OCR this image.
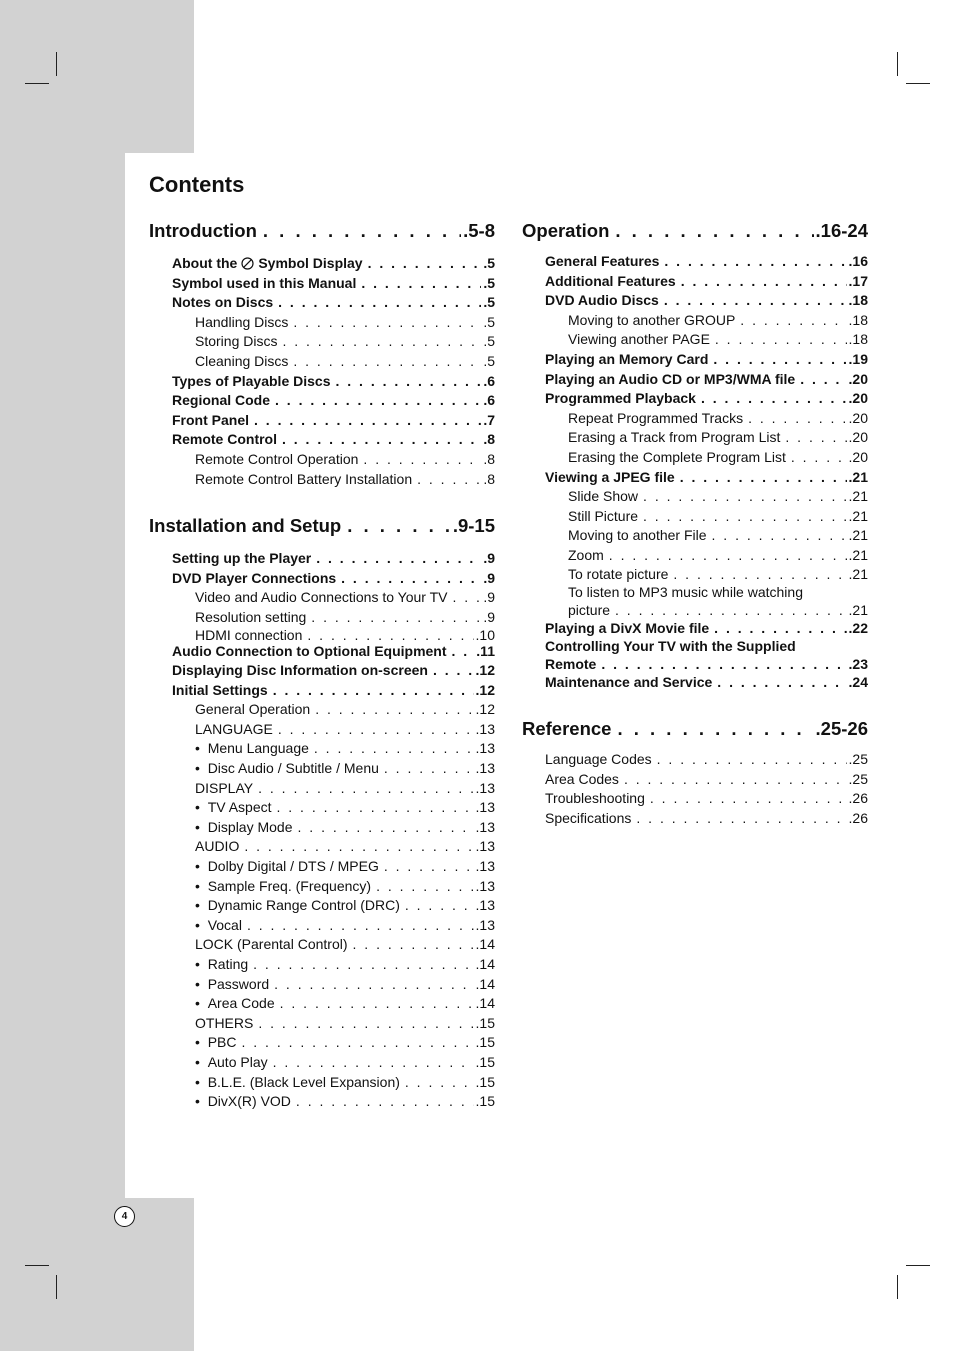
Contents
Introduction . . .	.5-8
About the Symbol Display . . .	.5
Symbol used in this Manual . . .	.5
Notes on Discs . . .	.5
Handling Discs . . .	.5
Storing Discs . . .	.5
Cleaning Discs . . .	.5
Types of Playable Discs . . .	.6
Regional Code . . .	.6
Front Panel . . .	.7
Remote Control . . .	.8
Remote Control Operation . . .	.8
Remote Control Battery Installation . . .	.8
Installation and Setup . . .	.9-15
Setting up the Player . . .	.9
DVD Player Connections . . .	.9
Video and Audio Connections to Your TV . . .	.9
Resolution setting . . .	.9
HDMI connection . . .	.10
Audio Connection to Optional Equipment . . . .11
Displaying Disc Information on-screen . . .	.12
Initial Settings . . .	.12
General Operation . . .	.12
LANGUAGE . . .	.13
•  Menu Language . . .	.13
•  Disc Audio / Subtitle / Menu . . .	.13
DISPLAY . . .	.13
•  TV Aspect . . .	.13
•  Display Mode . . .	.13
AUDIO . . .	.13
•  Dolby Digital / DTS / MPEG . . .	.13
•  Sample Freq. (Frequency) . . .	.13
•  Dynamic Range Control (DRC) . . .	.13
•  Vocal . . .	.13
LOCK (Parental Control) . . .	.14
•  Rating . . .	.14
•  Password . . .	.14
•  Area Code . . .	.14
OTHERS . . .	.15
•  PBC . . .	.15
•  Auto Play . . .	.15
•  B.L.E. (Black Level Expansion) . . .	.15
•  DivX(R) VOD . . .	.15
Operation . . .	.16-24
General Features . . .	.16
Additional Features . . .	.17
DVD Audio Discs . . .	.18
Moving to another GROUP . . .	.18
Viewing another PAGE . . .	.18
Playing an Memory Card . . .	.19
Playing an Audio CD or MP3/WMA file . . .	.20
Programmed Playback . . .	.20
Repeat Programmed Tracks . . .	.20
Erasing a Track from Program List . . .	.20
Erasing the Complete Program List . . .	.20
Viewing a JPEG file . . .	.21
Slide Show . . .	.21
Still Picture . . .	.21
Moving to another File . . .	.21
Zoom . . .	.21
To rotate picture . . .	.21
To listen to MP3 music while watching
picture . . .	.21
Playing a DivX Movie file . . .	.22
Controlling Your TV with the Supplied
Remote . . .	.23
Maintenance and Service . . .	.24
Reference . . .	.25-26
Language Codes . . .	.25
Area Codes . . .	.25
Troubleshooting . . .	.26
Specifications . . .	.26
4
